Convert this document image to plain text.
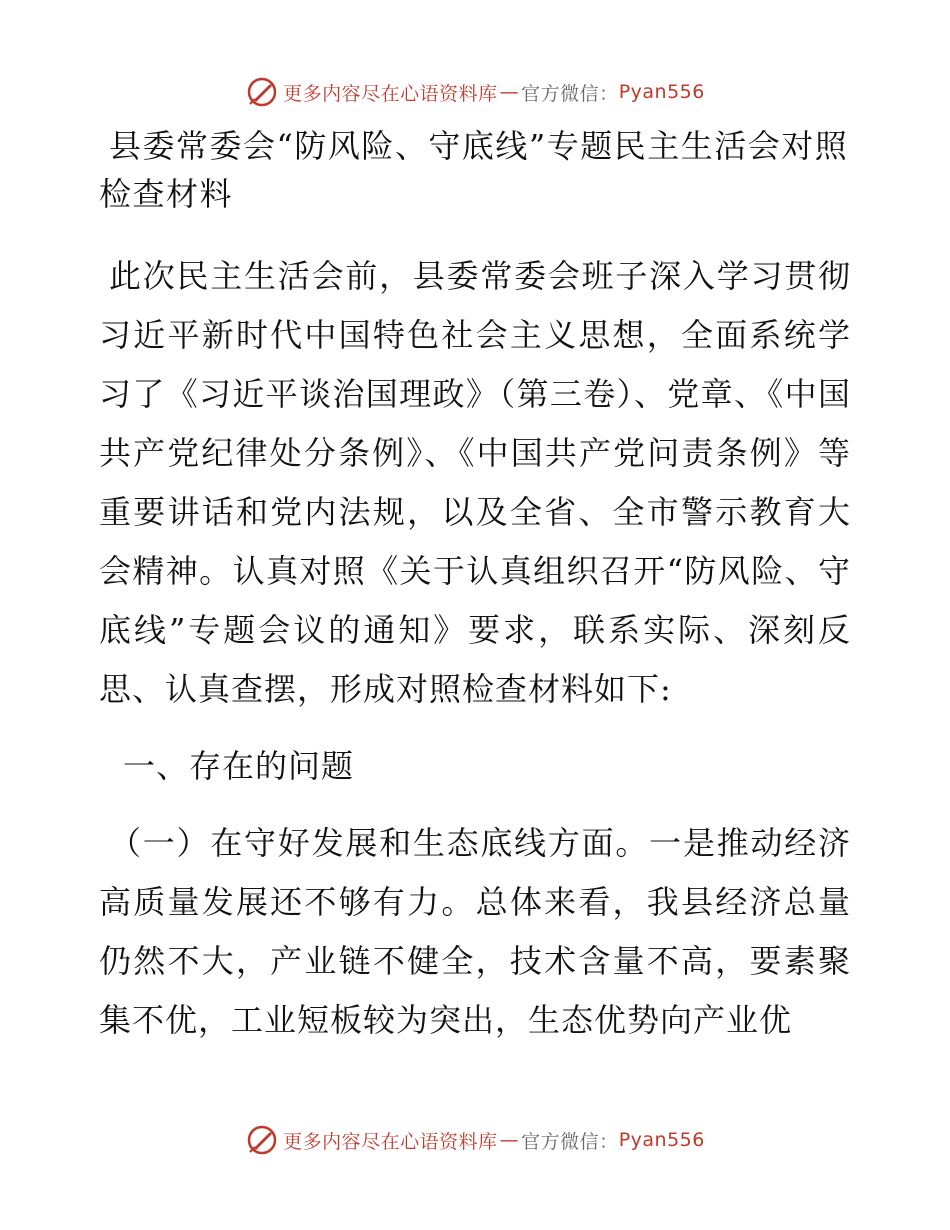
更多内容尽在心语资料库 — 官方微信： Pyan556

县委常委会“防风险、守底线”专题民主生活会对照检查材料

此次民主生活会前，县委常委会班子深入学习贯彻习近平新时代中国特色社会主义思想，全面系统学习了《习近平谈治国理政》（第三卷）、党章、《中国共产党纪律处分条例》、《中国共产党问责条例》等重要讲话和党内法规，以及全省、全市警示教育大会精神。认真对照《关于认真组织召开“防风险、守底线”专题会议的通知》要求，联系实际、深刻反思、认真查摆，形成对照检查材料如下:

一、存在的问题

（一）在守好发展和生态底线方面。一是推动经济高质量发展还不够有力。总体来看，我县经济总量仍然不大，产业链不健全，技术含量不高，要素聚集不优，工业短板较为突出，生态优势向产业优

更多内容尽在心语资料库 — 官方微信： Pyan556
